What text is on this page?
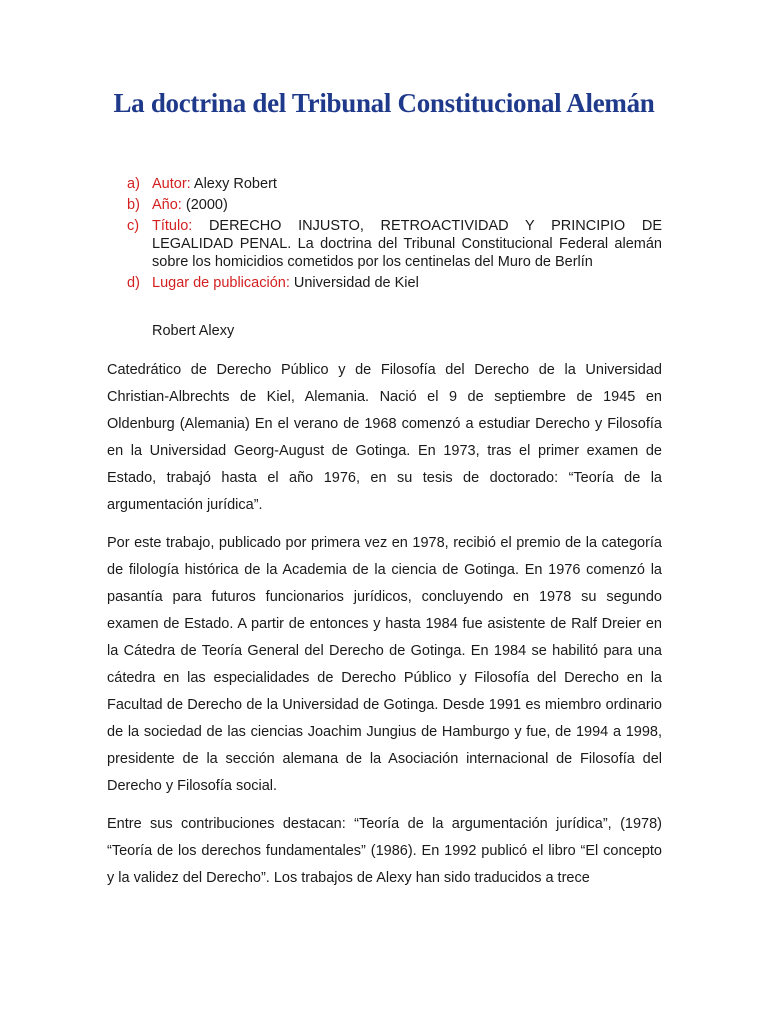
La doctrina del Tribunal Constitucional Alemán
a) Autor: Alexy Robert
b) Año: (2000)
c) Título: DERECHO INJUSTO, RETROACTIVIDAD Y PRINCIPIO DE LEGALIDAD PENAL. La doctrina del Tribunal Constitucional Federal alemán sobre los homicidios cometidos por los centinelas del Muro de Berlín
d) Lugar de publicación: Universidad de Kiel
Robert Alexy

Catedrático de Derecho Público y de Filosofía del Derecho de la Universidad Christian-Albrechts de Kiel, Alemania. Nació el 9 de septiembre de 1945 en Oldenburg (Alemania) En el verano de 1968 comenzó a estudiar Derecho y Filosofía en la Universidad Georg-August de Gotinga. En 1973, tras el primer examen de Estado, trabajó hasta el año 1976, en su tesis de doctorado: “Teoría de la argumentación jurídica”.

Por este trabajo, publicado por primera vez en 1978, recibió el premio de la categoría de filología histórica de la Academia de la ciencia de Gotinga. En 1976 comenzó la pasantía para futuros funcionarios jurídicos, concluyendo en 1978 su segundo examen de Estado. A partir de entonces y hasta 1984 fue asistente de Ralf Dreier en la Cátedra de Teoría General del Derecho de Gotinga. En 1984 se habilitó para una cátedra en las especialidades de Derecho Público y Filosofía del Derecho en la Facultad de Derecho de la Universidad de Gotinga. Desde 1991 es miembro ordinario de la sociedad de las ciencias Joachim Jungius de Hamburgo y fue, de 1994 a 1998, presidente de la sección alemana de la Asociación internacional de Filosofía del Derecho y Filosofía social.

Entre sus contribuciones destacan: “Teoría de la argumentación jurídica”, (1978) “Teoría de los derechos fundamentales” (1986). En 1992 publicó el libro “El concepto y la validez del Derecho”. Los trabajos de Alexy han sido traducidos a trece
